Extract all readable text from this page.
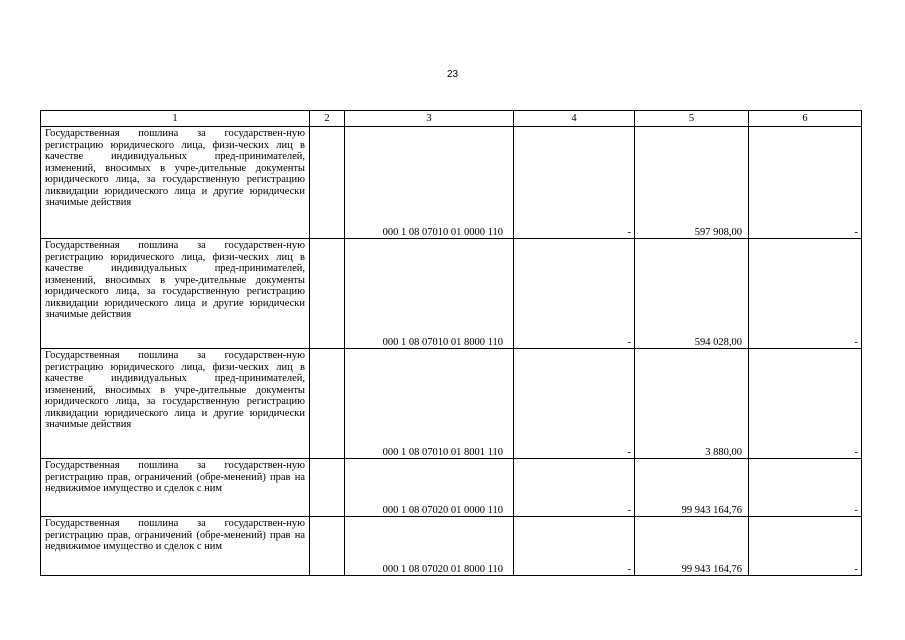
23
1	2	3	4	5	6
Государственная пошлина за государствен-ную регистрацию юридического лица, физи-ческих лиц в качестве индивидуальных пред-принимателей, изменений, вносимых в учре-дительные документы юридического лица, за государственную регистрацию ликвидации юридического лица и другие юридически значимые действия		000 1 08 07010 01 0000 110	-	597 908,00	-
Государственная пошлина за государствен-ную регистрацию юридического лица, физи-ческих лиц в качестве индивидуальных пред-принимателей, изменений, вносимых в учре-дительные документы юридического лица, за государственную регистрацию ликвидации юридического лица и другие юридически значимые действия		000 1 08 07010 01 8000 110	-	594 028,00	-
Государственная пошлина за государствен-ную регистрацию юридического лица, физи-ческих лиц в качестве индивидуальных пред-принимателей, изменений, вносимых в учре-дительные документы юридического лица, за государственную регистрацию ликвидации юридического лица и другие юридически значимые действия		000 1 08 07010 01 8001 110	-	3 880,00	-
Государственная пошлина за государствен-ную регистрацию прав, ограничений (обре-менений) прав на недвижимое имущество и сделок с ним		000 1 08 07020 01 0000 110	-	99 943 164,76	-
Государственная пошлина за государствен-ную регистрацию прав, ограничений (обре-менений) прав на недвижимое имущество и сделок с ним		000 1 08 07020 01 8000 110	-	99 943 164,76	-
